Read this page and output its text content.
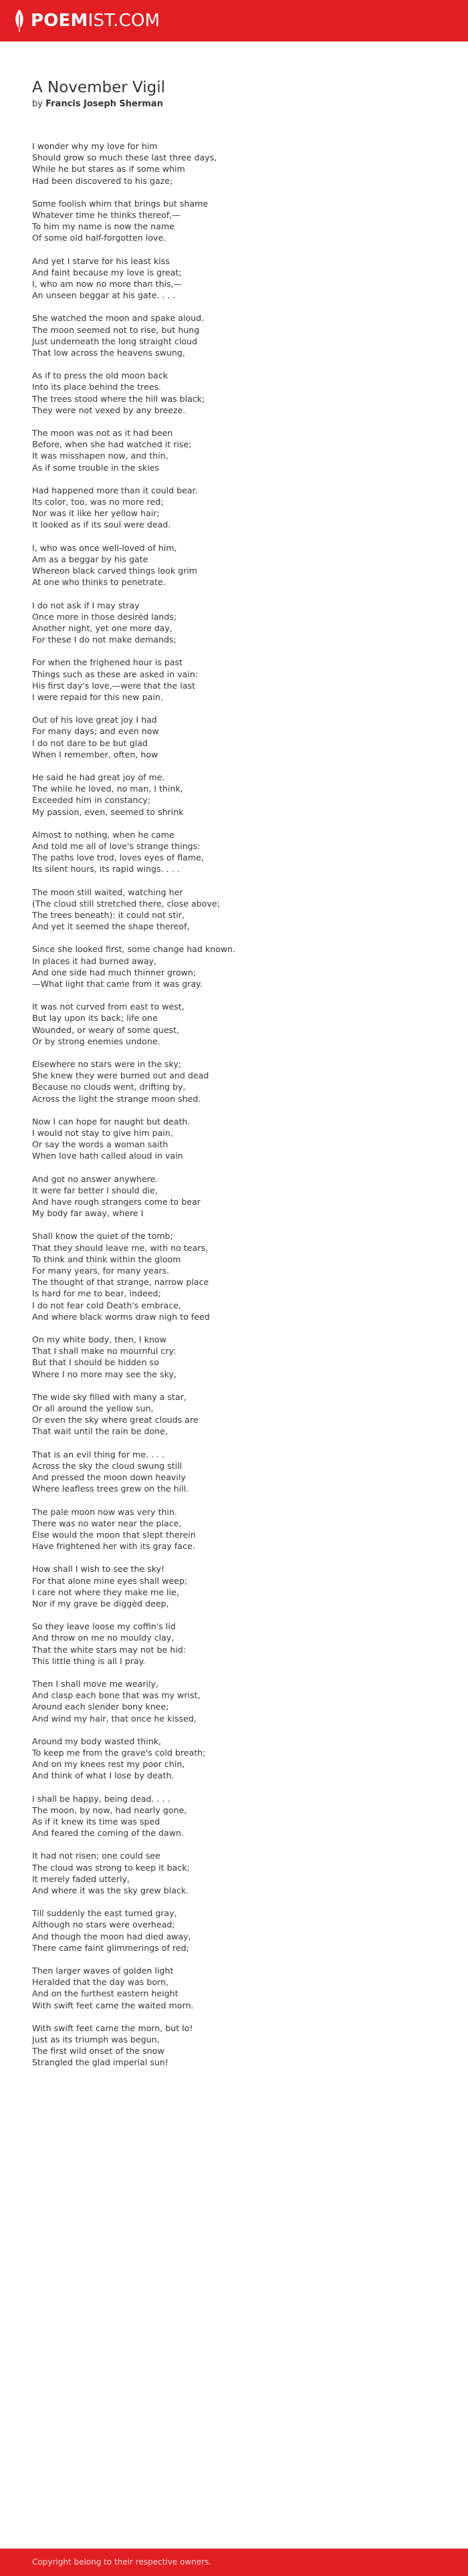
POEMIST.COM
A November Vigil
by Francis Joseph Sherman
I wonder why my love for him
Should grow so much these last three days,
While he but stares as if some whim
Had been discovered to his gaze;
Some foolish whim that brings but shame
Whatever time he thinks thereof,—
To him my name is now the name
Of some old half-forgotten love.
And yet I starve for his least kiss
And faint because my love is great;
I, who am now no more than this,—
An unseen beggar at his gate. . . .
She watched the moon and spake aloud.
The moon seemed not to rise, but hung
Just underneath the long straight cloud
That low across the heavens swung,
As if to press the old moon back
Into its place behind the trees.
The trees stood where the hill was black;
They were not vexed by any breeze.
The moon was not as it had been
Before, when she had watched it rise;
It was misshapen now, and thin,
As if some trouble in the skies
Had happened more than it could bear.
Its color, too, was no more red;
Nor was it like her yellow hair;
It looked as if its soul were dead.
I, who was once well-loved of him,
Am as a beggar by his gate
Whereon black carved things look grim
At one who thinks to penetrate.
I do not ask if I may stray
Once more in those desirèd lands;
Another night, yet one more day,
For these I do not make demands;
For when the frighened hour is past
Things such as these are asked in vain:
His first day's love,—were that the last
I were repaid for this new pain.
Out of his love great joy I had
For many days; and even now
I do not dare to be but glad
When I remember, often, how
He said he had great joy of me.
The while he loved, no man, I think,
Exceeded him in constancy;
My passion, even, seemed to shrink
Almost to nothing, when he came
And told me all of love's strange things:
The paths love trod, loves eyes of flame,
Its silent hours, its rapid wings. . . .
The moon still waited, watching her
(The cloud still stretched there, close above;
The trees beneath): it could not stir,
And yet it seemed the shape thereof,
Since she looked first, some change had known.
In places it had burned away,
And one side had much thinner grown;
—What light that came from it was gray.
It was not curved from east to west,
But lay upon its back; life one
Wounded, or weary of some quest,
Or by strong enemies undone.
Elsewhere no stars were in the sky;
She knew they were burned out and dead
Because no clouds went, drifting by,
Across the light the strange moon shed.
Now I can hope for naught but death.
I would not stay to give him pain,
Or say the words a woman saith
When love hath called aloud in vain
And got no answer anywhere.
It were far better I should die,
And have rough strangers come to bear
My body far away, where I
Shall know the quiet of the tomb;
That they should leave me, with no tears,
To think and think within the gloom
For many years, for many years.
The thought of that strange, narrow place
Is hard for me to bear, indeed;
I do not fear cold Death's embrace,
And where black worms draw nigh to feed
On my white body, then, I know
That I shall make no mournful cry:
But that I should be hidden so
Where I no more may see the sky,
The wide sky filled with many a star,
Or all around the yellow sun,
Or even the sky where great clouds are
That wait until the rain be done,
That is an evil thing for me. . . .
Across the sky the cloud swung still
And pressed the moon down heavily
Where leafless trees grew on the hill.
The pale moon now was very thin.
There was no water near the place,
Else would the moon that slept therein
Have frightened her with its gray face.
How shall I wish to see the sky!
For that alone mine eyes shall weep;
I care not where they make me lie,
Nor if my grave be diggèd deep,
So they leave loose my coffin's lid
And throw on me no mouldy clay,
That the white stars may not be hid:
This little thing is all I pray.
Then I shall move me wearily,
And clasp each bone that was my wrist,
Around each slender bony knee;
And wind my hair, that once he kissed,
Around my body wasted think,
To keep me from the grave's cold breath;
And on my knees rest my poor chin,
And think of what I lose by death.
I shall be happy, being dead. . . .
The moon, by now, had nearly gone,
As if it knew its time was sped
And feared the coming of the dawn.
It had not risen; one could see
The cloud was strong to keep it back;
It merely faded utterly,
And where it was the sky grew black.
Till suddenly the east turned gray,
Although no stars were overhead;
And though the moon had died away,
There came faint glimmerings of red;
Then larger waves of golden light
Heralded that the day was born,
And on the furthest eastern height
With swift feet came the waited morn.
With swift feet came the morn, but lo!
Just as its triumph was begun,
The first wild onset of the snow
Strangled the glad imperial sun!
Copyright belong to their respective owners.
